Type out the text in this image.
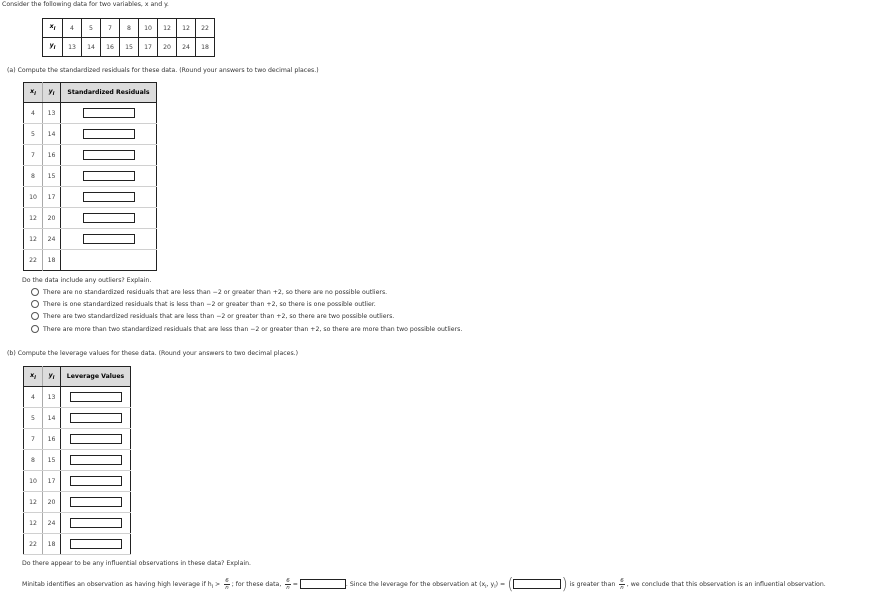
Consider the following data for two variables, x and y.
$x_i$	4	5	7	8	10	12	12	22
$y_i$	13	14	16	15	17	20	24	18
(a) Compute the standardized residuals for these data. (Round your answers to two decimal places.)
$x_i$	$y_i$	Standardized Residuals
4	13	
5	14	
7	16	
8	15	
10	17	
12	20	
12	24	
22	18	
Do the data include any outliers? Explain.
There are no standardized residuals that are less than −2 or greater than +2, so there are no possible outliers.
There is one standardized residuals that is less than −2 or greater than +2, so there is one possible outlier.
There are two standardized residuals that are less than −2 or greater than +2, so there are two possible outliers.
There are more than two standardized residuals that are less than −2 or greater than +2, so there are more than two possible outliers.
(b) Compute the leverage values for these data. (Round your answers to two decimal places.)
$x_i$	$y_i$	Leverage Values
4	13	
5	14	
7	16	
8	15	
10	17	
12	20	
12	24	
22	18	
Do there appear to be any influential observations in these data? Explain.
Minitab identifies an observation as having high leverage if $h_i > \frac{6}{n}$ ; for these data, $\frac{6}{n}$ =	. Since the leverage for the observation at ($x_i$, $y_i$) = (	) is greater than $\frac{6}{n}$ , we conclude that this observation is an influential observation.
